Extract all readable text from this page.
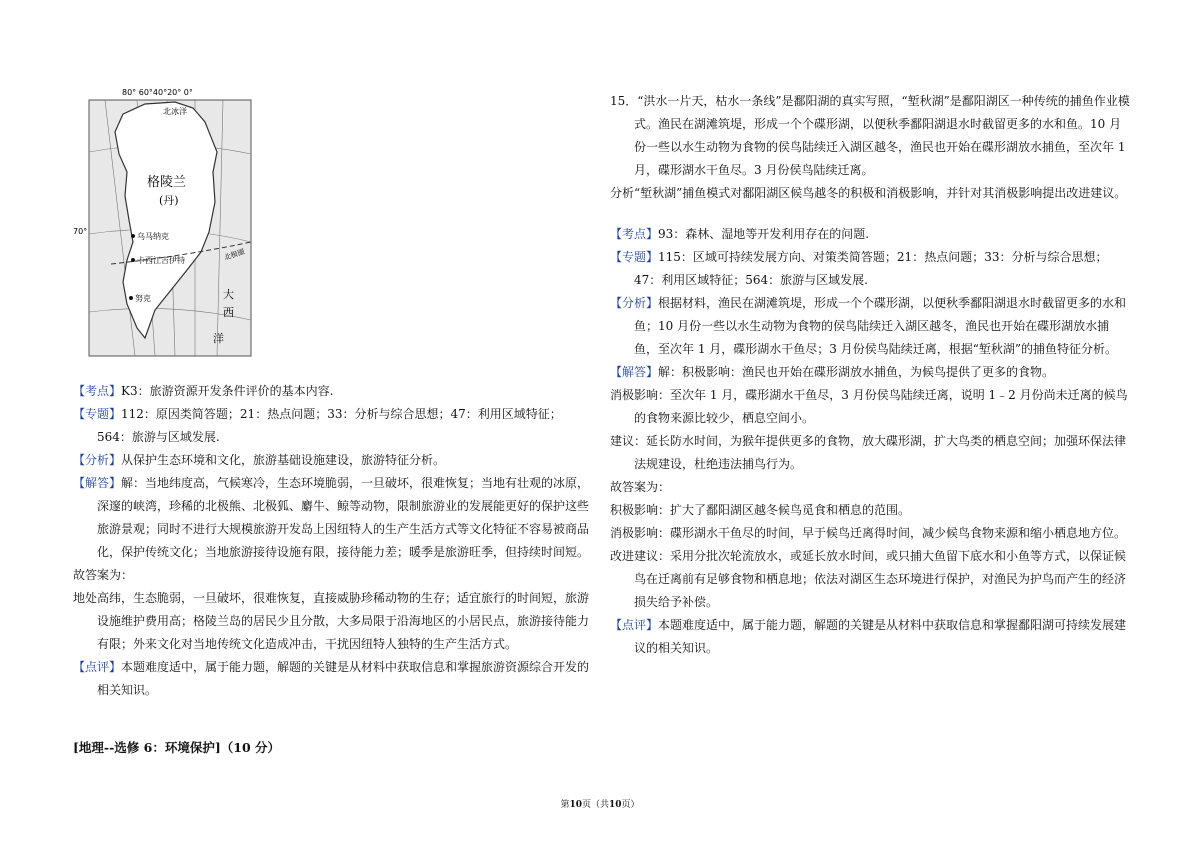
80° 60°40°20° 0°
70°
北冰洋
格陵兰
(丹)
乌马纳克
卡西江吉伊特
努克
北极圈
大
西
洋

【考点】K3：旅游资源开发条件评价的基本内容.

【专题】112：原因类简答题；21：热点问题；33：分析与综合思想；47：利用区域特征；564：旅游与区域发展.

【分析】从保护生态环境和文化，旅游基础设施建设，旅游特征分析。

【解答】解：当地纬度高，气候寒冷，生态环境脆弱，一旦破坏，很难恢复；当地有壮观的冰原，深邃的峡湾，珍稀的北极熊、北极狐、麝牛、鲸等动物，限制旅游业的发展能更好的保护这些旅游景观；同时不进行大规模旅游开发岛上因纽特人的生产生活方式等文化特征不容易被商品化，保护传统文化；当地旅游接待设施有限，接待能力差；暖季是旅游旺季，但持续时间短。

故答案为：

地处高纬，生态脆弱，一旦破坏，很难恢复，直接威胁珍稀动物的生存；适宜旅行的时间短，旅游设施维护费用高；格陵兰岛的居民少且分散，大多局限于沿海地区的小居民点，旅游接待能力有限；外来文化对当地传统文化造成冲击，干扰因纽特人独特的生产生活方式。

【点评】本题难度适中，属于能力题，解题的关键是从材料中获取信息和掌握旅游资源综合开发的相关知识。

[地理--选修 6：环境保护]（10 分）

15．“洪水一片天，枯水一条线”是鄱阳湖的真实写照，“堑秋湖”是鄱阳湖区一种传统的捕鱼作业模式。渔民在湖滩筑堤，形成一个个碟形湖，以便秋季鄱阳湖退水时截留更多的水和鱼。10 月份一些以水生动物为食物的侯鸟陆续迁入湖区越冬，渔民也开始在碟形湖放水捕鱼，至次年 1 月，碟形湖水干鱼尽。3 月份侯鸟陆续迁离。

分析“堑秋湖”捕鱼模式对鄱阳湖区候鸟越冬的积极和消极影响，并针对其消极影响提出改进建议。

【考点】93：森林、湿地等开发利用存在的问题.

【专题】115：区域可持续发展方向、对策类简答题；21：热点问题；33：分析与综合思想；47：利用区域特征；564：旅游与区域发展.

【分析】根据材料，渔民在湖滩筑堤，形成一个个碟形湖，以便秋季鄱阳湖退水时截留更多的水和鱼；10 月份一些以水生动物为食物的侯鸟陆续迁入湖区越冬，渔民也开始在碟形湖放水捕鱼，至次年 1 月，碟形湖水干鱼尽；3 月份侯鸟陆续迁离，根据“堑秋湖”的捕鱼特征分析。

【解答】解：积极影响：渔民也开始在碟形湖放水捕鱼，为候鸟提供了更多的食物。

消极影响：至次年 1 月，碟形湖水干鱼尽，3 月份侯鸟陆续迁离，说明 1﹣2 月份尚未迁离的候鸟的食物来源比较少，栖息空间小。

建议：延长防水时间，为猴年提供更多的食物，放大碟形湖，扩大鸟类的栖息空间；加强环保法律法规建设，杜绝违法捕鸟行为。

故答案为：

积极影响：扩大了鄱阳湖区越冬候鸟觅食和栖息的范围。

消极影响：碟形湖水干鱼尽的时间，早于候鸟迁离得时间，减少候鸟食物来源和缩小栖息地方位。

改进建议：采用分批次轮流放水，或延长放水时间，或只捕大鱼留下底水和小鱼等方式，以保证候鸟在迁离前有足够食物和栖息地；依法对湖区生态环境进行保护，对渔民为护鸟而产生的经济损失给予补偿。

【点评】本题难度适中，属于能力题，解题的关键是从材料中获取信息和掌握鄱阳湖可持续发展建议的相关知识。

第10页（共10页）
